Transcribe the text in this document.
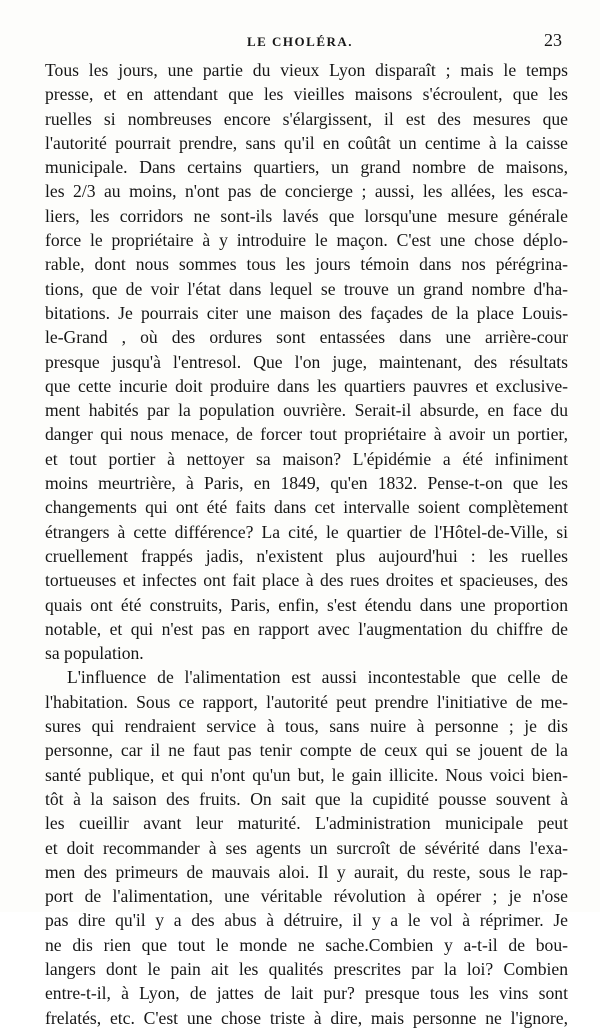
LE CHOLÉRA.	23
Tous les jours, une partie du vieux Lyon disparaît ; mais le temps
presse, et en attendant que les vieilles maisons s'écroulent, que les
ruelles si nombreuses encore s'élargissent, il est des mesures que
l'autorité pourrait prendre, sans qu'il en coûtât un centime à la caisse
municipale. Dans certains quartiers, un grand nombre de maisons,
les 2/3 au moins, n'ont pas de concierge ; aussi, les allées, les esca-
liers, les corridors ne sont-ils lavés que lorsqu'une mesure générale
force le propriétaire à y introduire le maçon. C'est une chose déplo-
rable, dont nous sommes tous les jours témoin dans nos pérégrina-
tions, que de voir l'état dans lequel se trouve un grand nombre d'ha-
bitations. Je pourrais citer une maison des façades de la place Louis-
le-Grand , où des ordures sont entassées dans une arrière-cour
presque jusqu'à l'entresol. Que l'on juge, maintenant, des résultats
que cette incurie doit produire dans les quartiers pauvres et exclusive-
ment habités par la population ouvrière. Serait-il absurde, en face du
danger qui nous menace, de forcer tout propriétaire à avoir un portier,
et tout portier à nettoyer sa maison? L'épidémie a été infiniment
moins meurtrière, à Paris, en 1849, qu'en 1832. Pense-t-on que les
changements qui ont été faits dans cet intervalle soient complètement
étrangers à cette différence? La cité, le quartier de l'Hôtel-de-Ville, si
cruellement frappés jadis, n'existent plus aujourd'hui : les ruelles
tortueuses et infectes ont fait place à des rues droites et spacieuses, des
quais ont été construits, Paris, enfin, s'est étendu dans une proportion
notable, et qui n'est pas en rapport avec l'augmentation du chiffre de
sa population.
L'influence de l'alimentation est aussi incontestable que celle de
l'habitation. Sous ce rapport, l'autorité peut prendre l'initiative de me-
sures qui rendraient service à tous, sans nuire à personne ; je dis
personne, car il ne faut pas tenir compte de ceux qui se jouent de la
santé publique, et qui n'ont qu'un but, le gain illicite. Nous voici bien-
tôt à la saison des fruits. On sait que la cupidité pousse souvent à
les cueillir avant leur maturité. L'administration municipale peut
et doit recommander à ses agents un surcroît de sévérité dans l'exa-
men des primeurs de mauvais aloi. Il y aurait, du reste, sous le rap-
port de l'alimentation, une véritable révolution à opérer ; je n'ose
pas dire qu'il y a des abus à détruire, il y a le vol à réprimer. Je
ne dis rien que tout le monde ne sache.Combien y a-t-il de bou-
langers dont le pain ait les qualités prescrites par la loi? Combien
entre-t-il, à Lyon, de jattes de lait pur? presque tous les vins sont
frelatés, etc. C'est une chose triste à dire, mais personne ne l'ignore,
